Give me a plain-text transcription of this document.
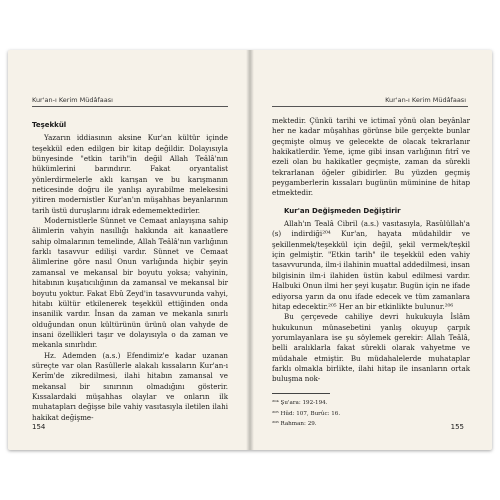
Kur'an-ı Kerim Müdâfaası
Teşekkül

Yazarın iddiasının aksine Kur'an kültür içinde teşekkül eden edilgen bir kitap değildir. Dolayısıyla bünyesinde "etkin tarih"in değil Allah Teâlâ'nın hükümlerini barındırır. Fakat oryantalist yönlerdirmelerle aklı karışan ve bu karışmanın neticesinde doğru ile yanlışı ayırabilme melekesini yitiren modernistler Kur'an'ın müşahhas beyanlarının tarih üstü duruşlarını idrak edememektedirler.

Modernistlerle Sünnet ve Cemaat anlayışına sahip âlimlerin vahyin nasıllığı hakkında ait kanaatlere sahip olmalarının temelinde, Allah Teâlâ'nın varlığının farklı tasavvur edilişi vardır. Sünnet ve Cemaat âlimlerine göre nasıl Onun varlığında hiçbir şeyin zamansal ve mekansal bir boyutu yoksa; vahyinin, hitabının kuşatıcılığının da zamansal ve mekansal bir boyutu yoktur. Fakat Ebû Zeyd'in tasavvurunda vahyi, hitabı kültür etkilenerek teşekkül ettiğinden onda insanilik vardır. İnsan da zaman ve mekanla sınırlı olduğundan onun kültürünün ürünü olan vahyde de insani özellikleri taşır ve dolayısıyla o da zaman ve mekanla sınırlıdır.

Hz. Ademden (a.s.) Efendimiz'e kadar uzanan süreçte var olan Rasûllerle alakalı kıssaların Kur'an-ı Kerîm'de zikredilmesi, ilahi hitabın zamansal ve mekansal bir sınırının olmadığını gösterir. Kıssalardaki müşahhas olaylar ve onların ilk muhatapları değişse bile vahiy vasıtasıyla iletilen ilahi hakikat değişme-

154
Kur'an-ı Kerim Müdâfaası

mektedir. Çünkü tarihi ve ictimaî yönü olan beyânlar her ne kadar müşahhas görünse bile gerçekte bunlar geçmişte olmuş ve gelecekte de olacak tekrarlanır hakikatlerdir. Yeme, içme gibi insan varlığının fıtrî ve ezeli olan bu hakikatler geçmişte, zaman da sürekli tekrarlanan öğeler gibidirler. Bu yüzden geçmiş peygamberlerin kıssaları bugünün müminine de hitap etmektedir.

Kur'an Değişmeden Değiştirir

Allah'ın Tealâ Cibril (a.s.) vasıtasıyla, Rasûlüllah'a (s) indirdiği²⁰⁴ Kur'an, hayata müdahildir ve şekillenmek/teşekkül için değil, şekil vermek/teşkil için gelmiştir. "Etkin tarih" ile teşekkül eden vahiy tasavvurunda, ilm-i ilahinin muattal addedilmesi, insan bilgisinin ilm-i ilahiden üstün kabul edilmesi vardır. Halbuki Onun ilmi her şeyi kuşatır. Bugün için ne ifade ediyorsa yarın da onu ifade edecek ve tüm zamanlara hitap edecektir.²⁰⁵ Her an bir etkinlikte bulunur.²⁰⁶

Bu çerçevede cahiliye devri hukukuyla İslâm hukukunun münasebetini yanlış okuyup çarpık yorumlayanlara ise şu söylemek gerekir: Allah Teâlâ, belli aralıklarla fakat sürekli olarak vahyetme ve müdahale etmiştir. Bu müdahalelerde muhataplar farklı olmakla birlikte, ilahi hitap ile insanların ortak buluşma nok-

²⁰⁴ Şu'ara: 192-194.
²⁰⁵ Hûd: 107, Burûc: 16.
²⁰⁶ Rahman: 29.	155
